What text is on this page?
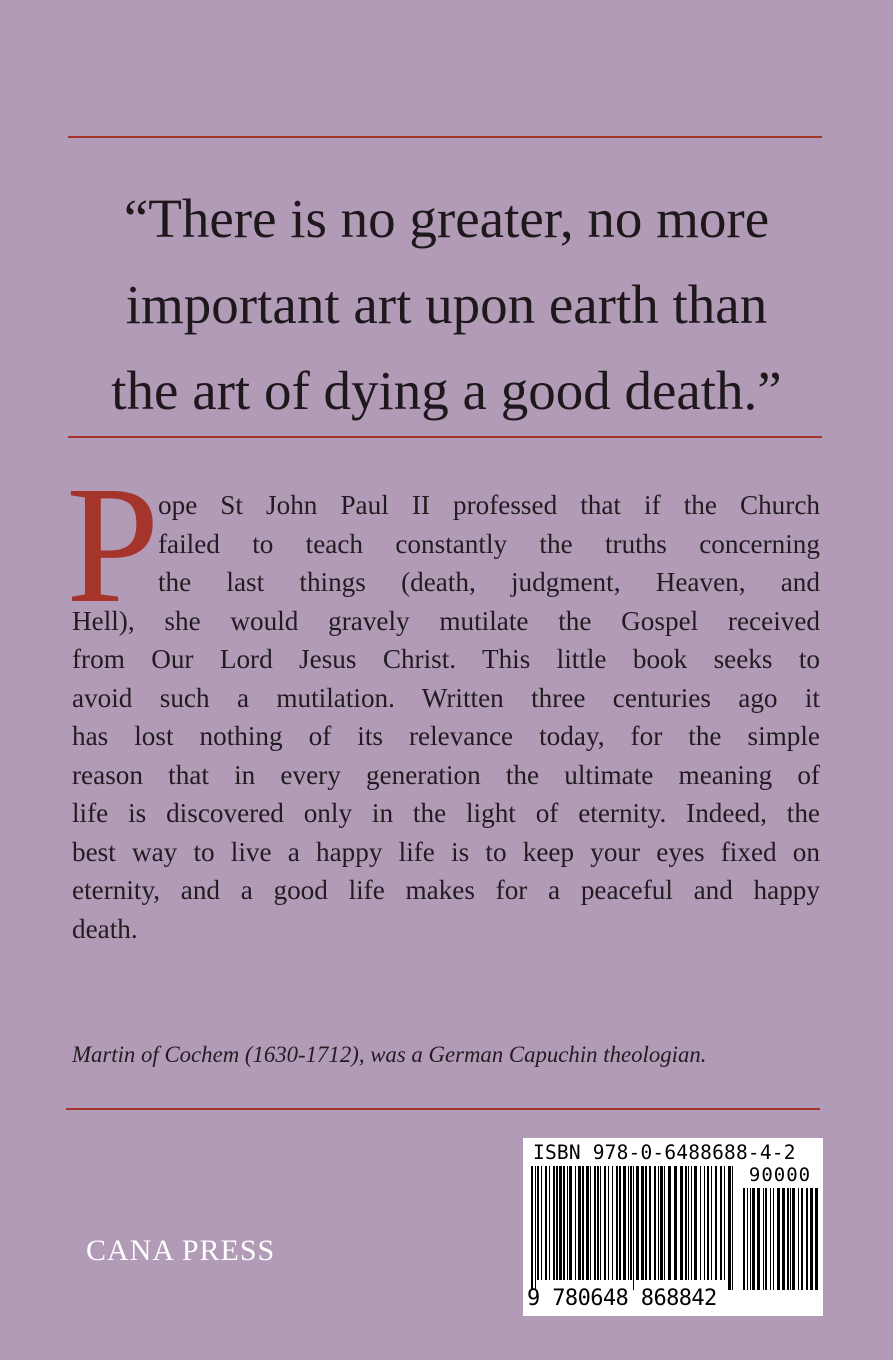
“There is no greater, no more
important art upon earth than
the art of dying a good death.”
P
ope St John Paul II professed that if the Church
failed to teach constantly the truths concerning
the last things (death, judgment, Heaven, and
Hell), she would gravely mutilate the Gospel received
from Our Lord Jesus Christ. This little book seeks to
avoid such a mutilation. Written three centuries ago it
has lost nothing of its relevance today, for the simple
reason that in every generation the ultimate meaning of
life is discovered only in the light of eternity. Indeed, the
best way to live a happy life is to keep your eyes fixed on
eternity, and a good life makes for a peaceful and happy
death.
Martin of Cochem (1630-1712), was a German Capuchin theologian.
CANA PRESS
ISBN 978-0-6488688-4-2
90000
9 780648 868842
